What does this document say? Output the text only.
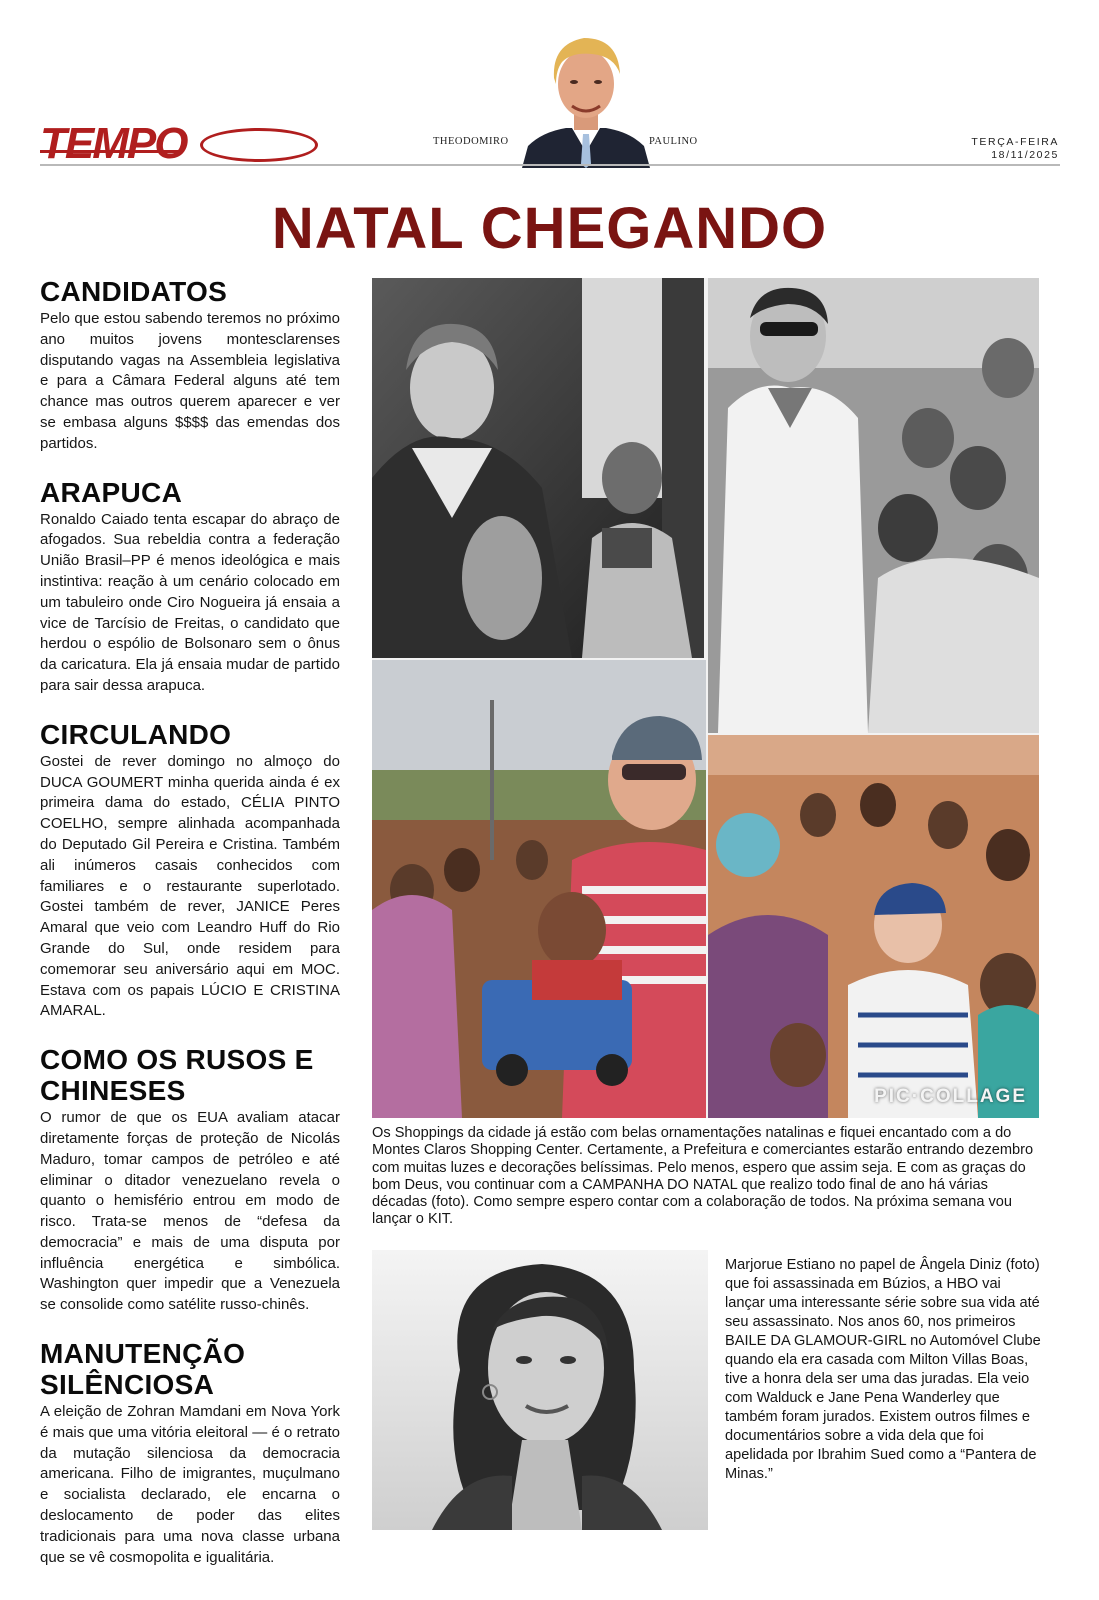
TEMPO	THEODOMIRO	PAULINO	TERÇA-FEIRA
18/11/2025
NATAL CHEGANDO
CANDIDATOS

Pelo que estou sabendo teremos no próximo ano muitos jovens montesclarenses disputando vagas na Assembleia legislativa e para a Câmara Federal alguns até tem chance mas outros querem aparecer e ver se embasa alguns $$$$ das emendas dos partidos.

ARAPUCA

Ronaldo Caiado tenta escapar do abraço de afogados. Sua rebeldia contra a federação União Brasil–PP é menos ideológica e mais instintiva: reação à um cenário colocado em um tabuleiro onde Ciro Nogueira já ensaia a vice de Tarcísio de Freitas, o candidato que herdou o espólio de Bolsonaro sem o ônus da caricatura. Ela já ensaia mudar de partido para sair dessa arapuca.

CIRCULANDO

Gostei de rever domingo no almoço do DUCA GOUMERT minha querida ainda é ex primeira dama do estado, CÉLIA PINTO COELHO, sempre alinhada acompanhada do Deputado Gil Pereira e Cristina. Também ali inúmeros casais conhecidos com familiares e o restaurante superlotado. Gostei também de rever, JANICE Peres Amaral que veio com Leandro Huff do Rio Grande do Sul, onde residem para comemorar seu aniversário aqui em MOC. Estava com os papais LÚCIO E CRISTINA AMARAL.

COMO OS RUSOS E CHINESES

O rumor de que os EUA avaliam atacar diretamente forças de proteção de Nicolás Maduro, tomar campos de petróleo e até eliminar o ditador venezuelano revela o quanto o hemisfério entrou em modo de risco. Trata-se menos de “defesa da democracia” e mais de uma disputa por influência energética e simbólica. Washington quer impedir que a Venezuela se consolide como satélite russo-chinês.

MANUTENÇÃO SILÊNCIOSA

A eleição de Zohran Mamdani em Nova York é mais que uma vitória eleitoral — é o retrato da mutação silenciosa da democracia americana. Filho de imigrantes, muçulmano e socialista declarado, ele encarna o deslocamento de poder das elites tradicionais para uma nova classe urbana que se vê cosmopolita e igualitária.

PIC·COLLAGE

Os Shoppings da cidade já estão com belas ornamentações natalinas e fiquei encantado com a do Montes Claros Shopping Center. Certamente, a Prefeitura e comerciantes estarão entrando dezembro com muitas luzes e decorações belíssimas. Pelo menos, espero que assim seja. E com as graças do bom Deus, vou continuar com a CAMPANHA DO NATAL que realizo todo final de ano há várias décadas (foto). Como sempre espero contar com a colaboração de todos. Na próxima semana vou lançar o KIT.

Marjorue Estiano no papel de Ângela Diniz (foto) que foi assassinada em Búzios, a HBO vai lançar uma interessante série sobre sua vida até seu assassinato. Nos anos 60, nos primeiros BAILE DA GLAMOUR-GIRL no Automóvel Clube quando ela era casada com Milton Villas Boas, tive a honra dela ser uma das juradas. Ela veio com Walduck e Jane Pena Wanderley que também foram jurados. Existem outros filmes e documentários sobre a vida dela que foi apelidada por Ibrahim Sued como a “Pantera de Minas.”
